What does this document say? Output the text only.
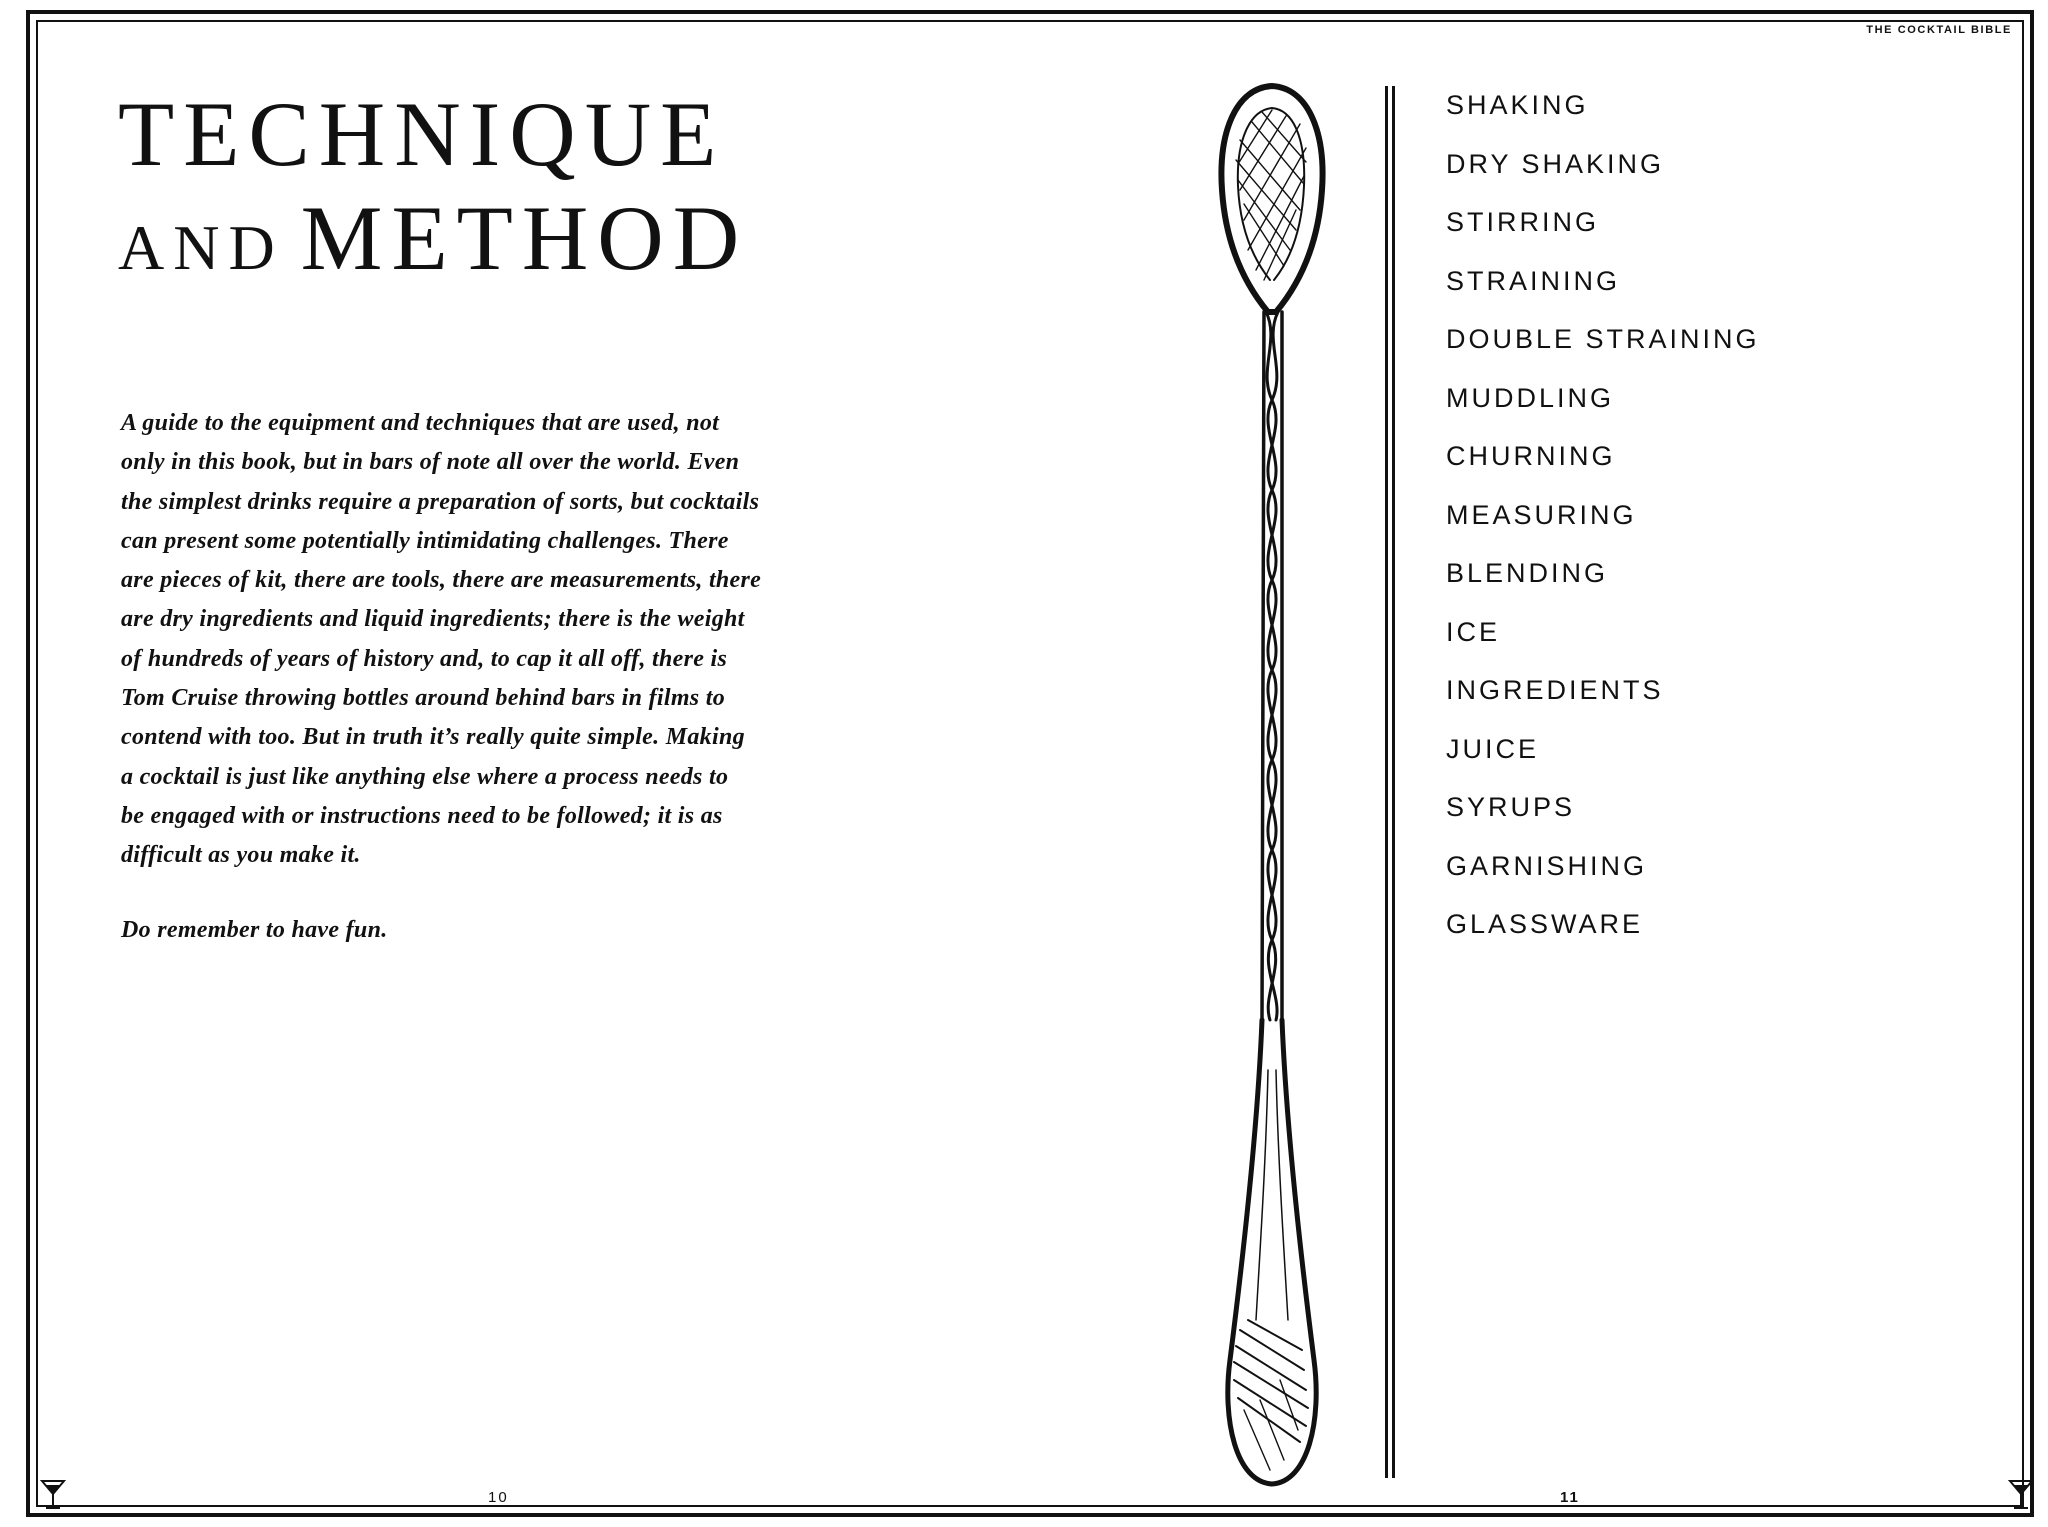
THE COCKTAIL BIBLE
TECHNIQUE
AND METHOD
A guide to the equipment and techniques that are used, not
only in this book, but in bars of note all over the world. Even
the simplest drinks require a preparation of sorts, but cocktails
can present some potentially intimidating challenges. There
are pieces of kit, there are tools, there are measurements, there
are dry ingredients and liquid ingredients; there is the weight
of hundreds of years of history and, to cap it all off, there is
Tom Cruise throwing bottles around behind bars in films to
contend with too. But in truth it’s really quite simple. Making
a cocktail is just like anything else where a process needs to
be engaged with or instructions need to be followed; it is as
difficult as you make it.

Do remember to have fun.

SHAKING
DRY SHAKING
STIRRING
STRAINING
DOUBLE STRAINING
MUDDLING
CHURNING
MEASURING
BLENDING
ICE
INGREDIENTS
JUICE
SYRUPS
GARNISHING
GLASSWARE
10	11
